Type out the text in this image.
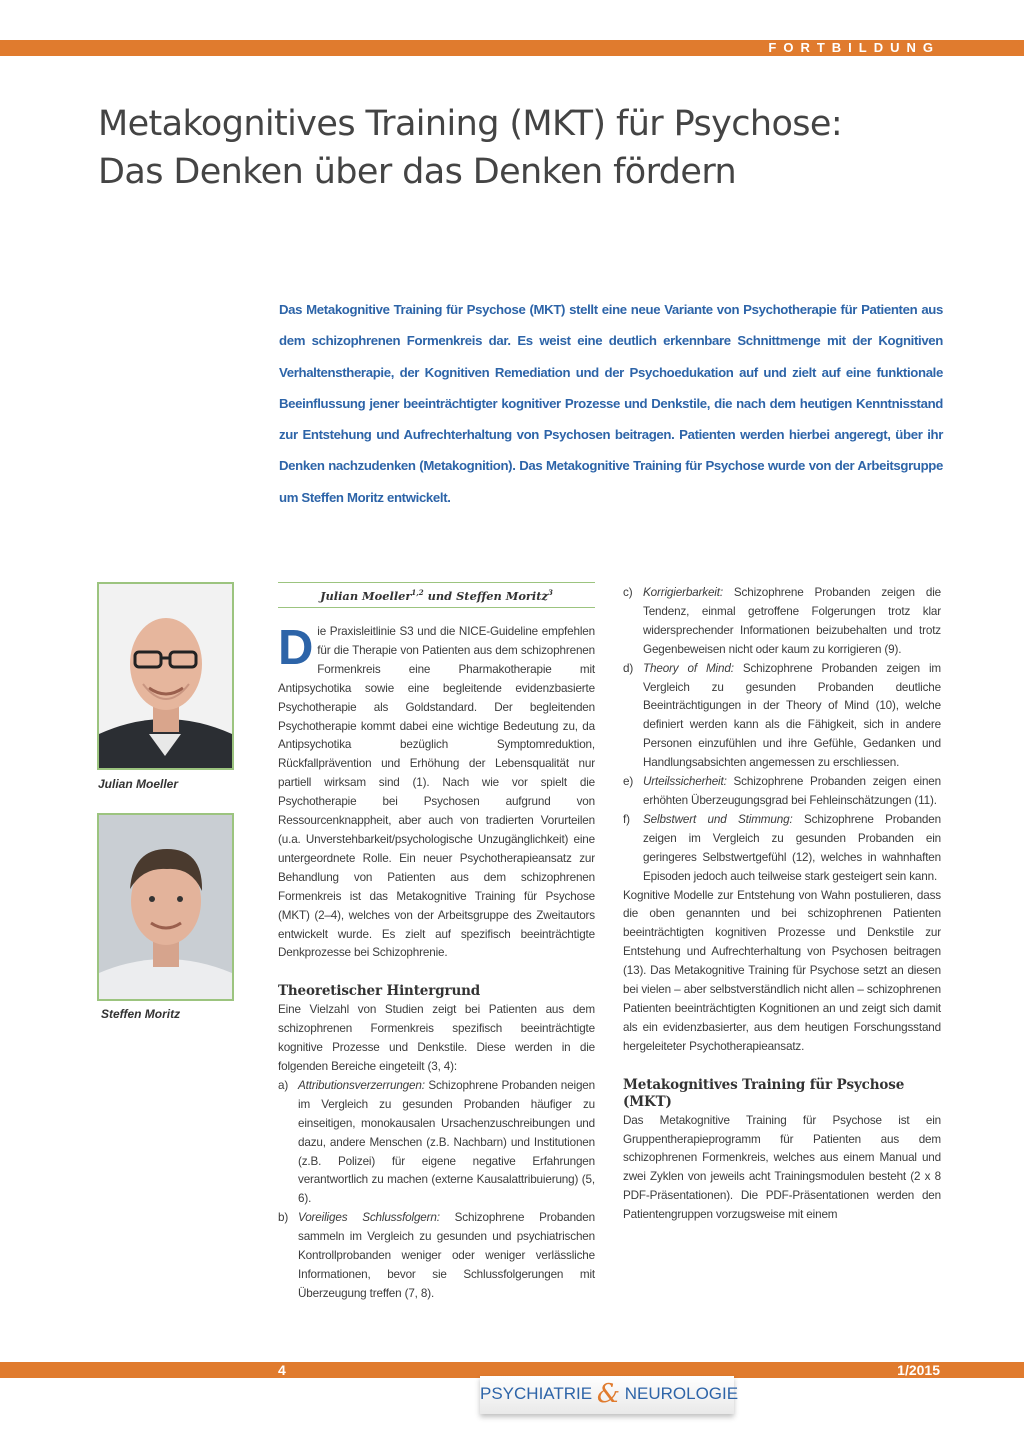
FORTBILDUNG
Metakognitives Training (MKT) für Psychose:
Das Denken über das Denken fördern

Das Metakognitive Training für Psychose (MKT) stellt eine neue Variante von Psychotherapie für Patienten aus dem schizophrenen Formenkreis dar. Es weist eine deutlich erkennbare Schnittmenge mit der Kognitiven Verhaltenstherapie, der Kognitiven Remediation und der Psychoedukation auf und zielt auf eine funktionale Beeinflussung jener beeinträchtigter kognitiver Prozesse und Denkstile, die nach dem heutigen Kenntnisstand zur Entstehung und Aufrechterhaltung von Psychosen beitragen. Patienten werden hierbei angeregt, über ihr Denken nachzudenken (Metakognition). Das Metakognitive Training für Psychose wurde von der Arbeitsgruppe um Steffen Moritz entwickelt.

Julian Moeller
Steffen Moritz
Julian Moeller$^{1,2}$ und Steffen Moritz$^3$

Die Praxisleitlinie S3 und die NICE-Guideline empfehlen für die Therapie von Patienten aus dem schizophrenen Formenkreis eine Pharmakotherapie mit Antipsychotika sowie eine begleitende evidenzbasierte Psychotherapie als Goldstandard. Der begleitenden Psychotherapie kommt dabei eine wichtige Bedeutung zu, da Antipsychotika bezüglich Symptomreduktion, Rückfallprävention und Erhöhung der Lebensqualität nur partiell wirksam sind (1). Nach wie vor spielt die Psychotherapie bei Psychosen aufgrund von Ressourcenknappheit, aber auch von tradierten Vorurteilen (u.a. Unverstehbarkeit/psychologische Unzugänglichkeit) eine untergeordnete Rolle. Ein neuer Psychotherapieansatz zur Behandlung von Patienten aus dem schizophrenen Formenkreis ist das Metakognitive Training für Psychose (MKT) (2–4), welches von der Arbeitsgruppe des Zweitautors entwickelt wurde. Es zielt auf spezifisch beeinträchtigte Denkprozesse bei Schizophrenie.

Theoretischer Hintergrund

Eine Vielzahl von Studien zeigt bei Patienten aus dem schizophrenen Formenkreis spezifisch beeinträchtigte kognitive Prozesse und Denkstile. Diese werden in die folgenden Bereiche eingeteilt (3, 4):

a) Attributionsverzerrungen: Schizophrene Probanden neigen im Vergleich zu gesunden Probanden häufiger zu einseitigen, monokausalen Ursachenzuschreibungen und dazu, andere Menschen (z.B. Nachbarn) und Institutionen (z.B. Polizei) für eigene negative Erfahrungen verantwortlich zu machen (externe Kausalattribuierung) (5, 6).
b) Voreiliges Schlussfolgern: Schizophrene Probanden sammeln im Vergleich zu gesunden und psychiatrischen Kontrollprobanden weniger oder weniger verlässliche Informationen, bevor sie Schlussfolgerungen mit Überzeugung treffen (7, 8).
c) Korrigierbarkeit: Schizophrene Probanden zeigen die Tendenz, einmal getroffene Folgerungen trotz klar widersprechender Informationen beizubehalten und trotz Gegenbeweisen nicht oder kaum zu korrigieren (9).
d) Theory of Mind: Schizophrene Probanden zeigen im Vergleich zu gesunden Probanden deutliche Beeinträchtigungen in der Theory of Mind (10), welche definiert werden kann als die Fähigkeit, sich in andere Personen einzufühlen und ihre Gefühle, Gedanken und Handlungsabsichten angemessen zu erschliessen.
e) Urteilssicherheit: Schizophrene Probanden zeigen einen erhöhten Überzeugungsgrad bei Fehleinschätzungen (11).
f) Selbstwert und Stimmung: Schizophrene Probanden zeigen im Vergleich zu gesunden Probanden ein geringeres Selbstwertgefühl (12), welches in wahnhaften Episoden jedoch auch teilweise stark gesteigert sein kann.

Kognitive Modelle zur Entstehung von Wahn postulieren, dass die oben genannten und bei schizophrenen Patienten beeinträchtigten kognitiven Prozesse und Denkstile zur Entstehung und Aufrechterhaltung von Psychosen beitragen (13). Das Metakognitive Training für Psychose setzt an diesen bei vielen – aber selbstverständlich nicht allen – schizophrenen Patienten beeinträchtigten Kognitionen an und zeigt sich damit als ein evidenzbasierter, aus dem heutigen Forschungsstand hergeleiteter Psychotherapieansatz.

Metakognitives Training für Psychose (MKT)

Das Metakognitive Training für Psychose ist ein Gruppentherapieprogramm für Patienten aus dem schizophrenen Formenkreis, welches aus einem Manual und zwei Zyklen von jeweils acht Trainingsmodulen besteht (2 x 8 PDF-Präsentationen). Die PDF-Präsentationen werden den Patientengruppen vorzugsweise mit einem

4	1/2015
PSYCHIATRIE & NEUROLOGIE
